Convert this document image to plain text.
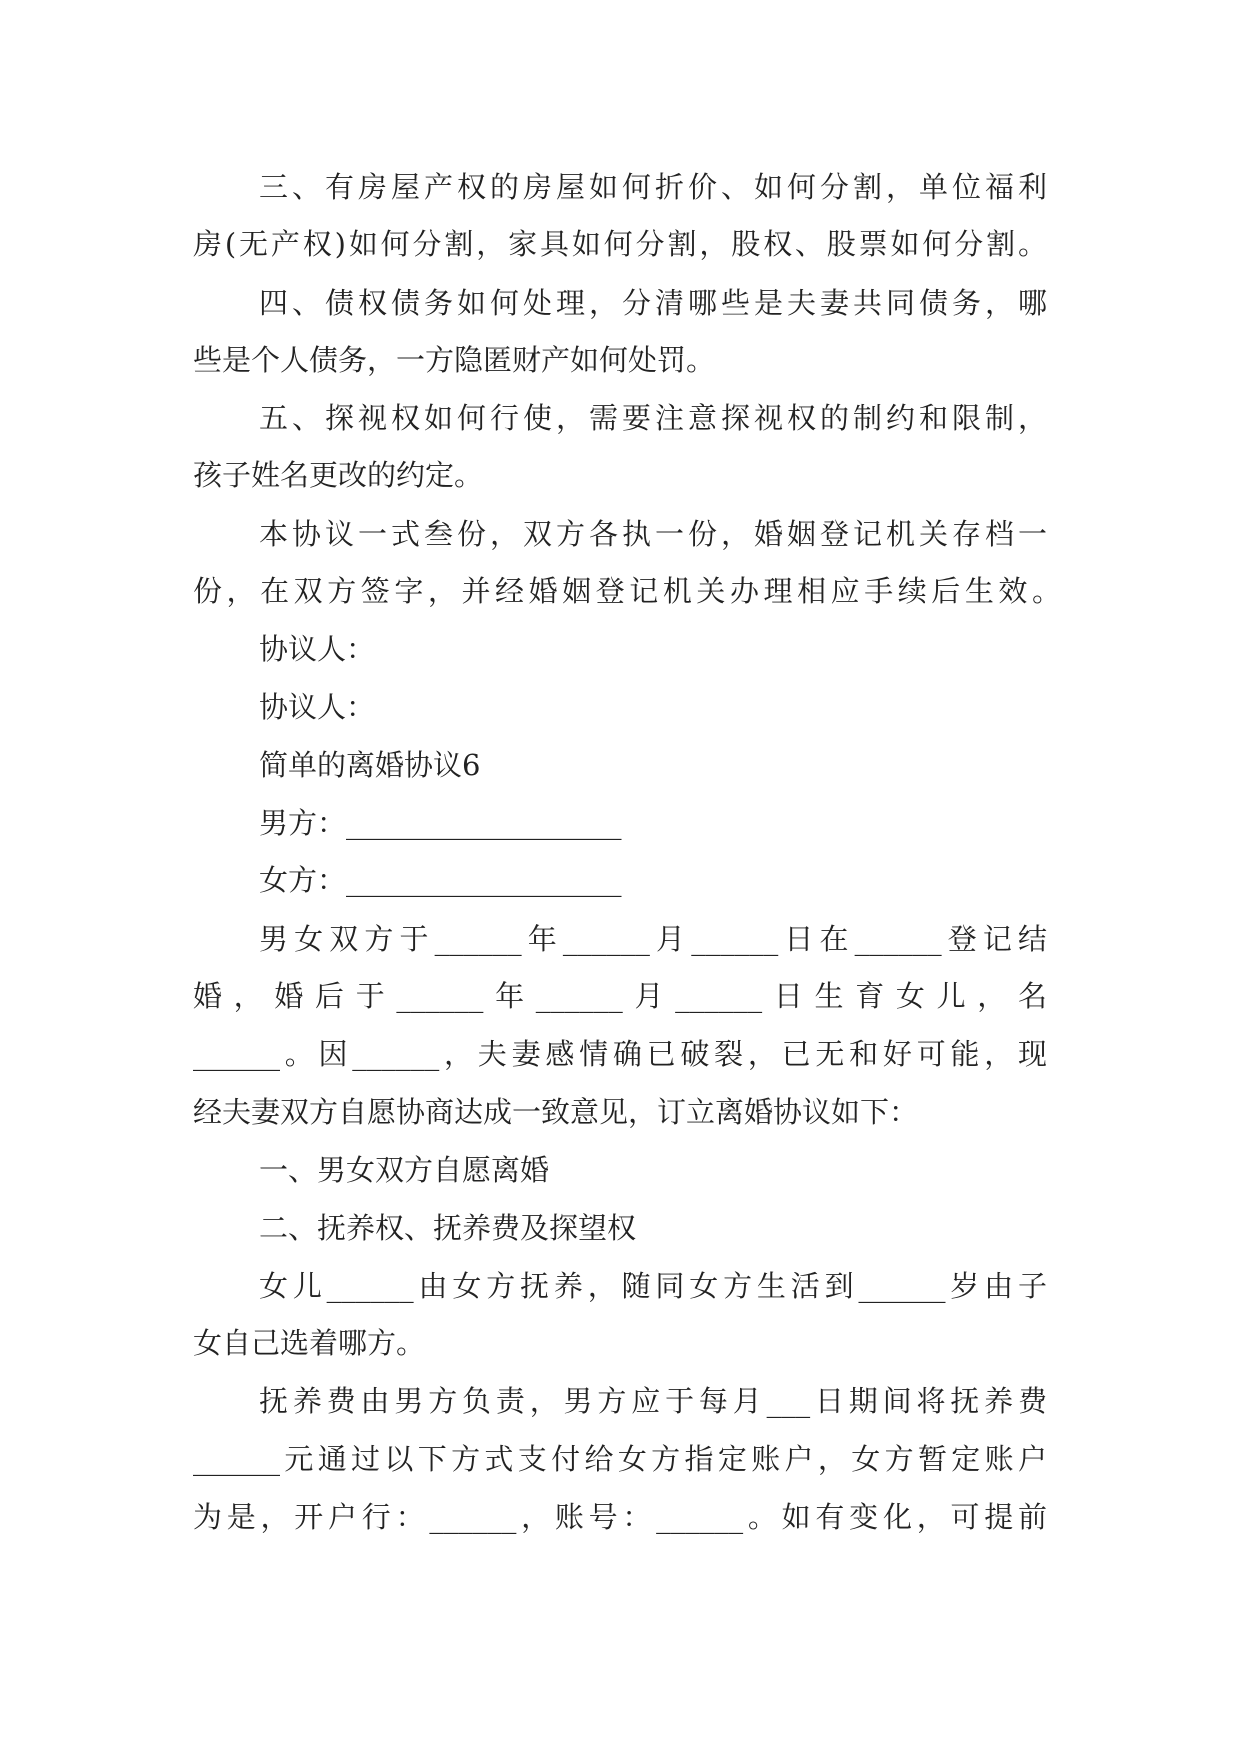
三、有房屋产权的房屋如何折价、如何分割，单位福利
房(无产权)如何分割，家具如何分割，股权、股票如何分割。
四、债权债务如何处理，分清哪些是夫妻共同债务，哪
些是个人债务，一方隐匿财产如何处罚。
五、探视权如何行使，需要注意探视权的制约和限制，
孩子姓名更改的约定。
本协议一式叁份，双方各执一份，婚姻登记机关存档一
份，在双方签字，并经婚姻登记机关办理相应手续后生效。
协议人：
协议人：
简单的离婚协议6
男方：___________________
女方：___________________
男女双方于______年______月______日在______登记结
婚，婚后于______年______月______日生育女儿，名
______。因______，夫妻感情确已破裂，已无和好可能，现
经夫妻双方自愿协商达成一致意见，订立离婚协议如下：
一、男女双方自愿离婚
二、抚养权、抚养费及探望权
女儿______由女方抚养，随同女方生活到______岁由子
女自己选着哪方。
抚养费由男方负责，男方应于每月___日期间将抚养费
______元通过以下方式支付给女方指定账户，女方暂定账户
为是，开户行：______，账号：______。如有变化，可提前
